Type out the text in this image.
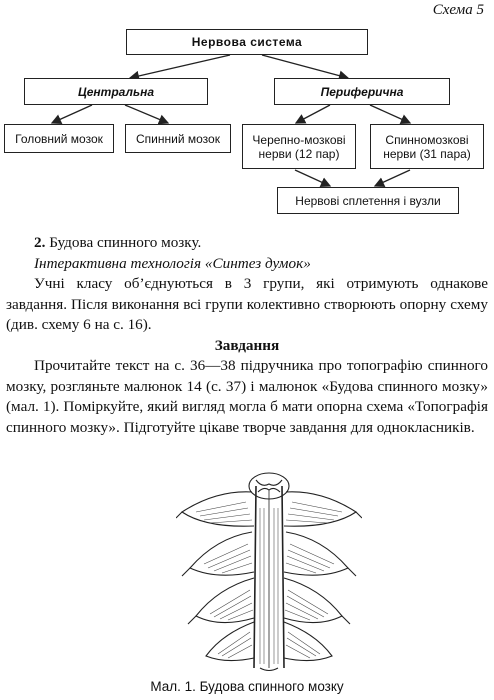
Схема 5
Нервова система
Центральна	Периферична
Головний мозок	Спинний мозок	Черепно-мозкові
нерви (12 пар)
Спинномозкові
нерви (31 пара)
Нервові сплетення і вузли
2. Будова спинного мозку.
Інтерактивна технологія «Синтез думок»
Учні класу об’єднуються в 3 групи, які отримують однакове завдання. Після виконання всі групи колективно створюють опорну схему (див. схему 6 на с. 16).
Завдання
Прочитайте текст на с. 36—38 підручника про топографію спинного мозку, розгляньте малюнок 14 (с. 37) і малюнок «Будова спинного мозку» (мал. 1). Поміркуйте, який вигляд могла б мати опорна схема «Топографія спинного мозку». Підготуйте цікаве творче завдання для однокласників.
Мал. 1. Будова спинного мозку
